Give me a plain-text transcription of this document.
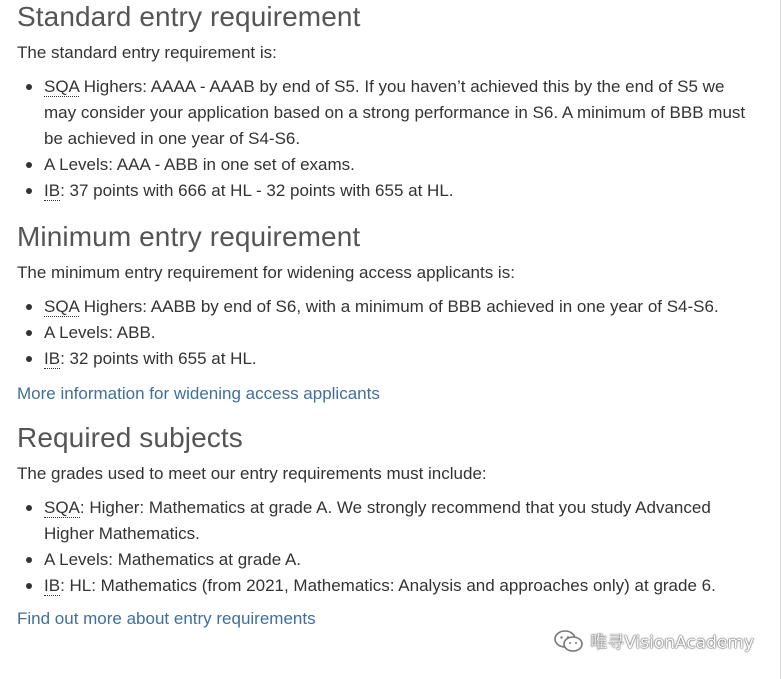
Standard entry requirement

The standard entry requirement is:

SQA Highers: AAAA - AAAB by end of S5. If you haven’t achieved this by the end of S5 we may consider your application based on a strong performance in S6. A minimum of BBB must be achieved in one year of S4-S6.
A Levels: AAA - ABB in one set of exams.
IB: 37 points with 666 at HL - 32 points with 655 at HL.
Minimum entry requirement

The minimum entry requirement for widening access applicants is:

SQA Highers: AABB by end of S6, with a minimum of BBB achieved in one year of S4-S6.
A Levels: ABB.
IB: 32 points with 655 at HL.
More information for widening access applicants
Required subjects

The grades used to meet our entry requirements must include:

SQA: Higher: Mathematics at grade A. We strongly recommend that you study Advanced Higher Mathematics.
A Levels: Mathematics at grade A.
IB: HL: Mathematics (from 2021, Mathematics: Analysis and approaches only) at grade 6.
Find out more about entry requirements
唯寻VisionAcademy
